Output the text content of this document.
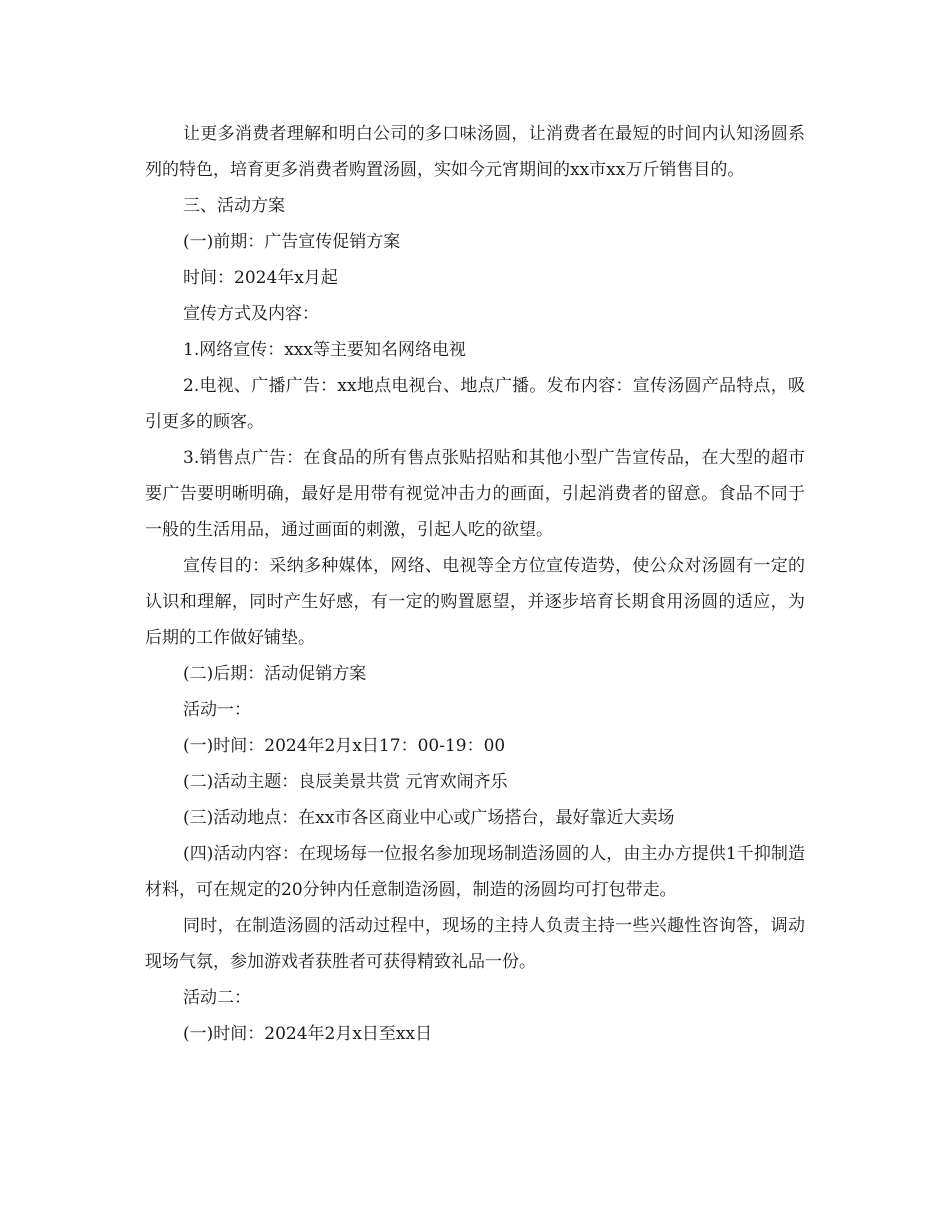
让更多消费者理解和明白公司的多口味汤圆，让消费者在最短的时间内认知汤圆系列的特色，培育更多消费者购置汤圆，实如今元宵期间的xx市xx万斤销售目的。

三、活动方案

(一)前期：广告宣传促销方案

时间：2024年x月起

宣传方式及内容：

1.网络宣传：xxx等主要知名网络电视

2.电视、广播广告：xx地点电视台、地点广播。发布内容：宣传汤圆产品特点，吸引更多的顾客。

3.销售点广告：在食品的所有售点张贴招贴和其他小型广告宣传品，在大型的超市要广告要明晰明确，最好是用带有视觉冲击力的画面，引起消费者的留意。食品不同于一般的生活用品，通过画面的刺激，引起人吃的欲望。

宣传目的：采纳多种媒体，网络、电视等全方位宣传造势，使公众对汤圆有一定的认识和理解，同时产生好感，有一定的购置愿望，并逐步培育长期食用汤圆的适应，为后期的工作做好铺垫。

(二)后期：活动促销方案

活动一：

(一)时间：2024年2月x日17：00-19：00

(二)活动主题：良辰美景共赏 元宵欢闹齐乐

(三)活动地点：在xx市各区商业中心或广场搭台，最好靠近大卖场

(四)活动内容：在现场每一位报名参加现场制造汤圆的人，由主办方提供1千抑制造材料，可在规定的20分钟内任意制造汤圆，制造的汤圆均可打包带走。

同时，在制造汤圆的活动过程中，现场的主持人负责主持一些兴趣性咨询答，调动现场气氛，参加游戏者获胜者可获得精致礼品一份。

活动二：

(一)时间：2024年2月x日至xx日
